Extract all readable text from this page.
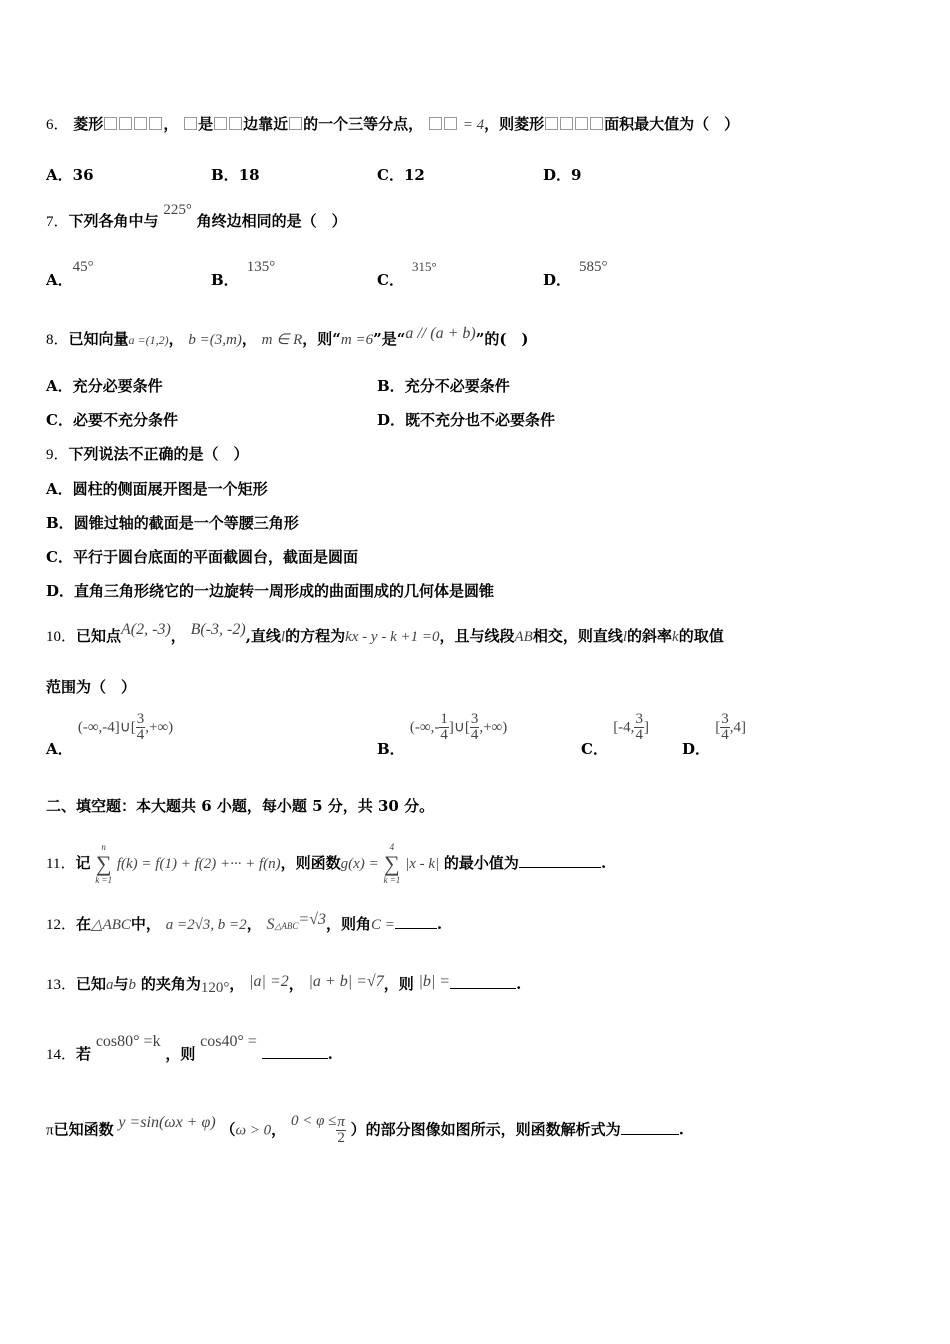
6． 菱形	， 是 边靠近 的一个三等分点，	= 4，则菱形	面积最大值为（　）
A．36	B．18	C．12	D．9
7．下列各角中与 225° 角终边相同的是（　）
A．45°
B．135°
C．315°
D．585°
8．已知向量a =(1,2)， b =(3,m)， m ∈ R，则“m =6”是“a // (a + b)”的(　)
A．充分必要条件	B．充分不必要条件
C．必要不充分条件	D．既不充分也不必要条件
9．下列说法不正确的是（　）
A．圆柱的侧面展开图是一个矩形
B．圆锥过轴的截面是一个等腰三角形
C．平行于圆台底面的平面截圆台，截面是圆面
D．直角三角形绕它的一边旋转一周形成的曲面围成的几何体是圆锥
10．已知点A(2, -3)， B(-3, -2),直线l的方程为kx - y - k +1 =0，且与线段AB相交，则直线l的斜率k的取值
范围为（　）
A． (-∞,-4]∪[ $\frac{3}{4}$ ,+∞)
B． (-∞,- $\frac{1}{4}$ ]∪[ $\frac{3}{4}$ ,+∞)
C． [-4, $\frac{3}{4}$ ]
D． [ $\frac{3}{4} ,4$]
二、填空题：本大题共 6 小题，每小题 5 分，共 30 分。
11．记
n
∑
k =1
f(k) = f(1) + f(2) +··· + f(n)，则函数g(x) =
4
∑
k =1
|x - k| 的最小值为	.
12．在△ABC中， a =2√3, b =2， S△ABC=√3，则角C =	.
13．已知a与b 的夹角为120°， |a| =2， |a + b| =√7，则 |b| =	.
14．若 cos80° =k ，则 cos40° = .
π已知函数 y =sin(ωx + φ) （ω > 0， $0 < \varphi \le \frac{\pi}{2}$ ）的部分图像如图所示，则函数解析式为	.
